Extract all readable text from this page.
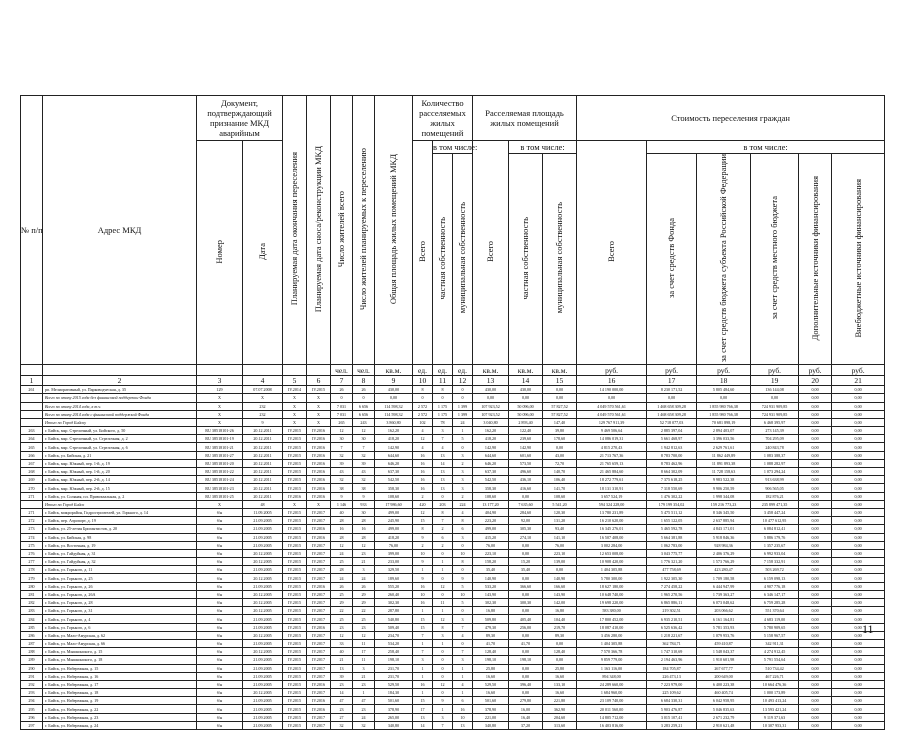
№ п/п	Адрес МКД	Документ, подтверждающий признание МКД аварийным		Планируемая дата окончания переселения	Планируемая дата сноса/реконструкции МКД	Число жителей всего	Число жителей планируемых к переселению	Общая площадь жилых помещений МКД	Количество расселяемых жилых помещений			Расселяемая площадь жилых помещений			Стоимость переселения граждан					
		Номер	Дата						Всего	в том числе:		Всего	в том числе:		Всего	в том числе:				
										частная собственность	муниципальная собственность		частная собственность	муниципальная собственность		за счет средств Фонда	за счет средств бюджета субъекта Российской Федерации	за счет средств местного бюджета	Дополнительные источники финансирования	Внебюджетные источники финансирования
						чел.	чел.	кв.м.	ед.	ед.	ед.	кв.м.	кв.м.	кв.м.	руб.	руб.	руб.	руб.	руб.	руб.
1	2	3	4	5	6	7	8	9	10	11	12	13	14	15	16	17	18	19	20	21
261	рп. Мелиоративный, ул. Парководческая, д. 35	129	07.07.2008	IV.2014	IV.2015	26	26	430,00	8	8	0	430,00	430,00	0,00	14 190 000,00	8 230 171,52	5 805 484,60	136 144,08	0,00	0,00
	Всего по этапу 2015 года без финансовой поддержки Фонда	X	X	X	X	0	0	0,00	0	0	0	0,00	0,00	0,00	0,00	0,00	0,00	0,00	0,00	0,00
	Всего по этапу 2014 года, в т.ч.	X	232	X	X	7 031	6 656	114 598,32	2 572	1 175	1 399	107 923,52	50 096,00	57 827,52	4 049 570 561,61	1 468 658 309,28	1 855 980 766,38	724 931 909,85	0,00	0,00
	Всего по этапу 2014 года с финансовой поддержкой Фонда	X	232	X	X	7 031	6 656	114 598,32	2 572	1 175	1 399	107 923,52	50 096,00	57 827,52	4 049 570 561,61	1 468 658 309,28	1 855 980 766,38	724 931 909,85	0,00	0,00
	Итого по Город Бийску	X	9	X	X	265	243	3 860,80	102	78	24	3 040,80	2 893,40	147,40	129 767 911,39	52 718 077,03	70 681 898,19	6 468 395,97	0,00	0,00
263	г. Бийск, мкр. Стрелочный, ул. Бийского, д. 50	RU 38518101-26	20.12.2011	IV.2015	IV.2016	12	12	162,20	4	3	1	162,20	122,40	39,80	9 469 506,64	2 885 397,04	2 894 403,07	273 145,39	0,00	0,00
264	г. Бийск, мкр. Стрелочный, ул. Стрелочная, д. 2	RU 38518101-19	20.12.2011	IV.2015	IV.2016	30	30	418,20	12	7	5	418,20	239,60	178,60	14 086 019,31	5 661 468,97	3 396 033,56	704 295,09	0,00	0,00
265	г. Бийск, мкр. Стрелочный, ул. Стрелочная, д. 6	RU 38518101-21	20.12.2011	IV.2015	IV.2016	7	7	142,90	4	4	0	142,90	142,90	0,00	4 815 270,43	1 942 812,63	2 629 761,61	240 843,78	0,00	0,00
266	г. Бийск, ул. Бийская, д. 21	RU 38518101-27	20.12.2011	IV.2015	IV.2016	32	32	644,60	16	13	3	644,60	601,60	43,00	21 713 767,36	8 783 700,00	11 862 449,89	1 083 388,37	0,00	0,00
267	г. Бийск, мкр. Южный, пер. 1-й, д. 19	RU 38518101-20	20.12.2011	IV.2015	IV.2016	39	39	646,20	16	14	2	646,20	573,50	72,70	21 765 659,13	8 783 462,96	11 891 893,38	1 088 282,97	0,00	0,00
268	г. Бийск, мкр. Южный, пер. 1-й, д. 20	RU 38518101-22	20.12.2011	IV.2015	IV.2016	43	43	637,30	16	13	3	637,30	496,60	140,70	21 465 884,60	8 664 302,09	11 728 158,63	1 073 294,24	0,00	0,00
269	г. Бийск, мкр. Южный, пер. 2-й, д. 14	RU 38518101-24	20.12.2011	IV.2015	IV.2016	32	32	542,50	16	13	3	542,50	436,10	106,40	18 272 779,61	7 375 618,25	9 983 522,38	913 638,99	0,00	0,00
270	г. Бийск, мкр. Южный, пер. 2-й, д. 15	RU 38518101-23	20.12.2011	IV.2015	IV.2016	38	38	358,30	16	13	3	358,30	416,60	141,70	18 131 310,91	7 318 550,69	9 906 250,59	906 565,05	0,00	0,00
271	г. Бийск, ул. Соляная, пл. Привокзальная, д. 2	RU 38518101-25	20.12.2011	IV.2016	IV.2016	9	9	108,60	2	0	2	108,60	0,00	108,60	3 657 524,19	1 476 302,22	1 998 344,08	182 876,21	0,00	0,00
	Итого по Город Бийск	X	48	X	X	1 146	933	17 986,60	420	203	224	13 177,20	7 635,60	5 541,20	594 324 228,00	179 199 354,02	159 216 773,23	235 899 471,35	0,00	0,00
271	г. Бийск, микрорайон, Гидростроителей, ул. Горького, д. 14	б/н	11.09.2005	IV.2015	IV.2017	40	30	499,00	12	8	4	404,90	284,60	120,30	13 780 231,89	5 475 511,12	8 346 345,50	3 458 447,24	0,00	0,00
272	г. Бийск, пер. Аэропорт, д. 19	б/н	21.09.2005	IV.2015	IV.2017	28	28	245,90	15	7	8	223,20	92,00	131,20	16 210 620,00	1 655 122,05	2 637 885,94	10 477 612,95	0,00	0,00
273	г. Бийск, ул. 25-летия Бригантистов, д. 20	б/н	21.09.2005	IV.2015	IV.2016	16	16	499,00	8	2	6	499,00	305,30	93,40	16 345 276,01	5 465 592,78	4 843 171,01	6 084 812,41	0,00	0,00
274	г. Бийск, ул. Бийская, д. 98	б/н	21.09.2005	IV.2015	IV.2016	28	28	418,20	9	6	3	415,20	274,10	141,10	16 507 408,00	5 664 381,88	5 918 846,36	5 886 179,76	0,00	0,00
275	г. Бийск, ул. Восточная, д. 19	б/н	21.09.2005	IV.2015	IV.2017	12	12	76,00	2	2	0	76,00	0,00	76,00	3 002 284,00	1 062 783,00	928 984,36	1 357 235,67	0,00	0,00
276	г. Бийск, ул. Гайдуйная, д. 31	б/н	20.12.2005	IV.2015	IV.2017	24	23	399,00	10	0	10	223,10	0,00	223,10	12 653 008,00	3 043 775,77	2 406 376,29	6 992 933,04	0,00	0,00
277	г. Бийск, ул. Гайдуйная, д. 32	б/н	20.12.2005	IV.2015	IV.2017	25	21	233,00	9	1	8	158,20	15,20	139,00	10 908 420,00	1 776 321,20	1 573 766,29	7 158 332,91	0,00	0,00
278	г. Бийск, ул. Горького, д. 11	б/н	21.09.2005	IV.2015	IV.2017	28	3	329,50	1	1	0	35,40	35,40	0,00	1 404 305,88	477 758,69	423 280,47	503 269,72	0,00	0,00
279	г. Бийск, ул. Горького, д. 25	б/н	20.12.2005	IV.2015	IV.2017	24	24	189,60	9	0	9	140,90	0,00	140,90	5 780 300,00	1 922 305,30	1 709 180,58	6 159 098,13	0,00	0,00
280	г. Бийск, ул. Горького, д. 26	б/н	21.09.2005	IV.2015	IV.2016	26	26	555,20	16	12	5	533,20	366,60	166,60	18 627 180,00	7 274 458,22	6 444 947,99	4 907 776,18	0,00	0,00
281	г. Бийск, ул. Горького, д. 26А	б/н	20.12.2005	IV.2015	IV.2017	25	29	260,40	10	0	10	143,90	0,00	143,90	10 648 740,00	1 965 270,56	1 739 363,27	6 346 147,17	0,00	0,00
282	г. Бийск, ул. Горького, д. 28	б/н	20.12.2005	IV.2015	IV.2017	29	29	302,30	16	11	5	302,30	300,30	142,00	19 698 220,00	6 865 886,11	6 073 048,62	6 759 285,28	0,00	0,00
283	г. Бийск, ул. Горького, д. 31	б/н	20.12.2005	IV.2015	IV.2017	22	22	287,80	1	1	0	16,80	0,00	16,80	583 380,00	219 302,51	203 066,62	551 370,64	0,00	0,00
284	г. Бийск, ул. Горького, д. 4	б/н	21.09.2005	IV.2015	IV.2017	25	25	540,80	15	12	3	509,80	405,40	104,40	17 800 452,00	6 935 210,51	6 161 164,81	4 683 119,00	0,00	0,00
285	г. Бийск, ул. Горького, д. 6	б/н	21.09.2005	IV.2015	IV.2016	23	23	509,40	15	8	7	479,30	256,00	219,70	18 087 410,00	6 525 636,42	5 781 353,93	5 780 909,65	0,00	0,00
286	г. Бийск, ул. Мало-Амурская, д. 62	б/н	20.12.2005	IV.2015	IV.2017	12	12	234,70	7	3	4	89,30	0,00	89,30	3 456 280,00	1 218 221,67	1 079 953,76	5 158 967,57	0,00	0,00
287	г. Бийск, ул. Мало-Амурская, д. 66	б/н	21.09.2005	IV.2015	IV.2017	33	11	534,20	1	1	0	41,70	41,70	0,00	1 404 305,88	362 784,71	459 410,87	342 911,31	0,00	0,00
288	г. Бийск, ул. Мышкинского, д. 15	б/н	20.12.2005	IV.2015	IV.2017	40	17	258,40	7	0	7	128,40	0,00	128,40	7 570 366,78	1 747 310,69	1 548 043,37	4 274 912,45	0,00	0,00
289	г. Бийск, ул. Мышкинского, д. 18	б/н	21.09.2005	IV.2015	IV.2017	21	11	198,10	3	0	3	198,10	198,10	0,00	9 859 779,00	2 194 463,96	1 910 601,98	5 791 554,64	0,00	0,00
290	г. Бийск, ул. Набережная, д. 15	б/н	21.09.2005	IV.2015	IV.2017	13	3	231,70	1	0	1	25,80	0,00	25,80	1 163 116,00	184 705,87	267 677,77	510 734,42	0,00	0,00
291	г. Бийск, ул. Набережная, д. 16	б/н	21.09.2005	IV.2015	IV.2017	39	21	231,70	1	0	1	16,60	0,00	16,60	894 348,00	226 473,13	200 649,00	467 226,71	0,00	0,00
292	г. Бийск, ул. Набережная, д. 17	б/н	21.09.2005	IV.2015	IV.2016	23	23	529,50	16	12	4	529,50	396,40	133,10	24 289 660,00	7 223 979,00	6 400 223,38	10 664 476,36	0,00	0,00
293	г. Бийск, ул. Набережная, д. 18	б/н	20.12.2005	IV.2015	IV.2017	14	1	184,30	1	0	1	16,60	0,00	16,60	1 684 960,00	225 109,62	460 405,74	1 000 173,89	0,00	0,00
294	г. Бийск, ул. Набережная, д. 19	б/н	21.09.2005	IV.2015	IV.2016	47	47	501,60	15	9	6	501,60	279,80	221,80	23 109 740,00	6 684 330,31	6 042 958,95	10 493 413,24	0,00	0,00
295	г. Бийск, ул. Набережная, д. 22	б/н	21.09.2005	IV.2015	IV.2016	23	23	378,90	17	1	16	378,90	16,00	362,90	20 011 560,00	5 903 476,87	5 046 835,63	13 593 421,24	0,00	0,00
296	г. Бийск, ул. Набережная, д. 23	б/н	21.09.2005	IV.2015	IV.2017	27	24	265,00	13	3	10	221,00	16,40	204,60	14 805 712,00	3 015 107,41	2 671 232,79	9 119 371,63	0,00	0,00
297	г. Бийск, ул. Набережная, д. 24	б/н	21.09.2005	IV.2015	IV.2017	32	32	340,80	14	7	13	340,80	37,20	313,60	16 403 816,00	3 283 259,21	2 910 621,48	10 307 953,31	0,00	0,00
11
